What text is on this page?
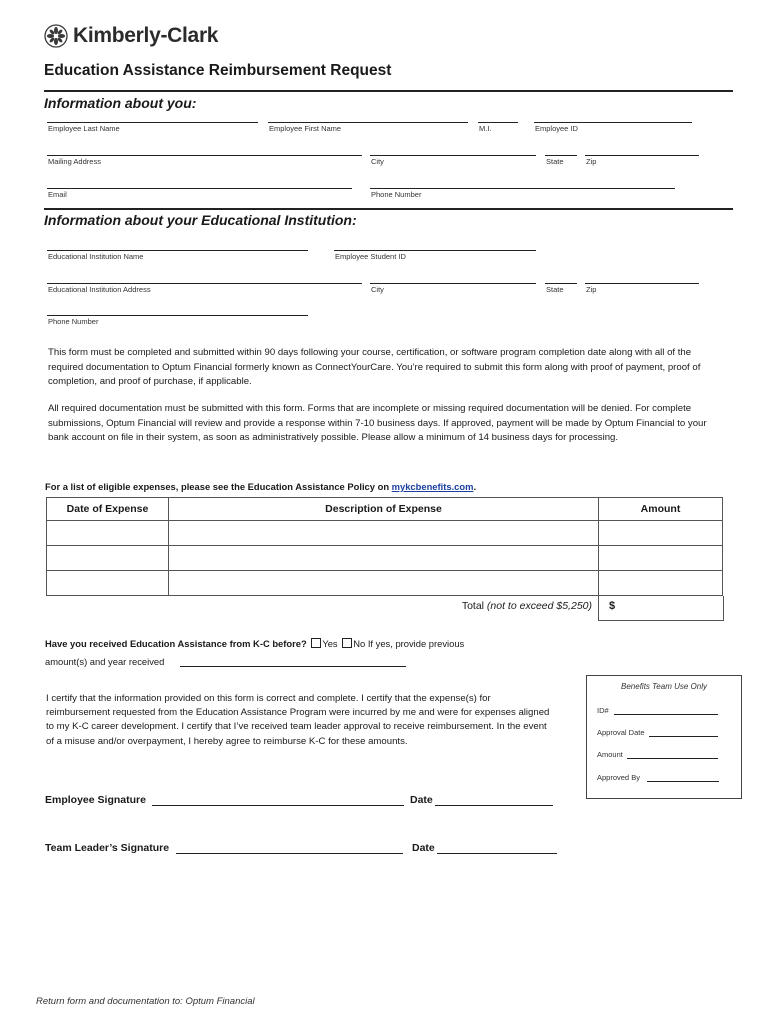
Kimberly-Clark
Education Assistance Reimbursement Request
Information about you:
Employee Last Name	Employee First Name	M.I.	Employee ID
Mailing Address	City	State	Zip
Email	Phone Number
Information about your Educational Institution:
Educational Institution Name	Employee Student ID
Educational Institution Address	City	State	Zip
Phone Number
This form must be completed and submitted within 90 days following your course, certification, or software program completion date along with all of the required documentation to Optum Financial formerly known as ConnectYourCare. You’re required to submit this form along with proof of payment, proof of completion, and proof of purchase, if applicable.
All required documentation must be submitted with this form. Forms that are incomplete or missing required documentation will be denied. For complete submissions, Optum Financial will review and provide a response within 7-10 business days. If approved, payment will be made by Optum Financial to your bank account on file in their system, as soon as administratively possible. Please allow a minimum of 14 business days for processing.
For a list of eligible expenses, please see the Education Assistance Policy on mykcbenefits.com.
Date of Expense	Description of Expense	Amount

Total (not to exceed $5,250) $
Have you received Education Assistance from K-C before? Yes No If yes, provide previous
amount(s) and year received
I certify that the information provided on this form is correct and complete. I certify that the expense(s) for reimbursement requested from the Education Assistance Program were incurred by me and were for expenses aligned to my K-C career development. I certify that I’ve received team leader approval to receive reimbursement. In the event of a misuse and/or overpayment, I hereby agree to reimburse K-C for these amounts.
Benefits Team Use Only
ID#
Approval Date
Amount
Approved By
Employee Signature	Date
Team Leader’s Signature	Date
Return form and documentation to: Optum Financial
